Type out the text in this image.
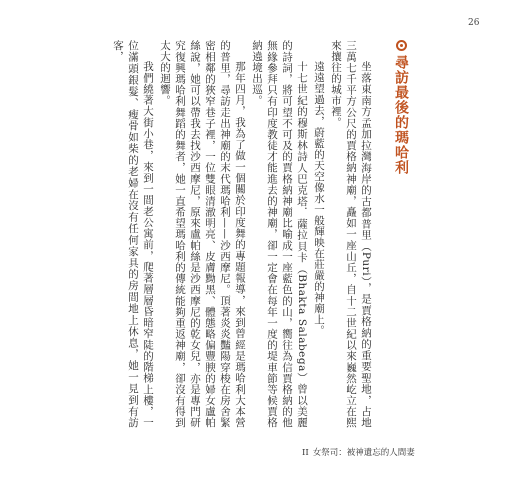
26
尋訪最後的瑪哈利

坐落東南方孟加拉灣海岸的古都普里（Puri），是賈格納的重要聖地，占地三萬七千平方公尺的賈格納神廟，矗如一座山丘，自十二世紀以來巍然屹立在熙來攘往的城市裡。

遠遠望過去，蔚藍的天空像水一般輝映在莊嚴的神廟上。

十七世紀的穆斯林詩人巴克塔．薩拉貝卡（Bhakta Salabega）曾以美麗的詩詞，將可望不可及的賈格納神廟比喻成一座藍色的山，嚮往為信賈格納的他無緣參拜只有印度教徒才能進去的神廟，卻一定會在每年一度的堤車節等候賈格納遶境出巡。

那年四月，我為了做一個關於印度舞的專題報導，來到曾經是瑪哈利大本營的普里，尋訪走出神廟的末代瑪哈利——沙西摩尼。頂著炎炎豔陽穿梭在房舍緊密相鄰的狹窄巷子裡，一位雙眼清澈明亮、皮膚黝黑、體態略偏豐腴的婦女盧帕絲說，她可以帶我去找沙西摩尼，原來盧帕絲是沙西摩尼的乾女兒，亦是專門研究復興瑪哈利舞蹈的舞者，她一直希望瑪哈利的傳統能夠重返神廟，卻沒有得到太大的迴響。

我們繞著大街小巷，來到一間老公寓前，爬著層層昏暗窄陡的階梯上樓，一位滿頭銀髮、瘦骨如柴的老婦在沒有任何家具的房間地上休息，她一見到有訪客，

II 女祭司：被神遺忘的人間妻
